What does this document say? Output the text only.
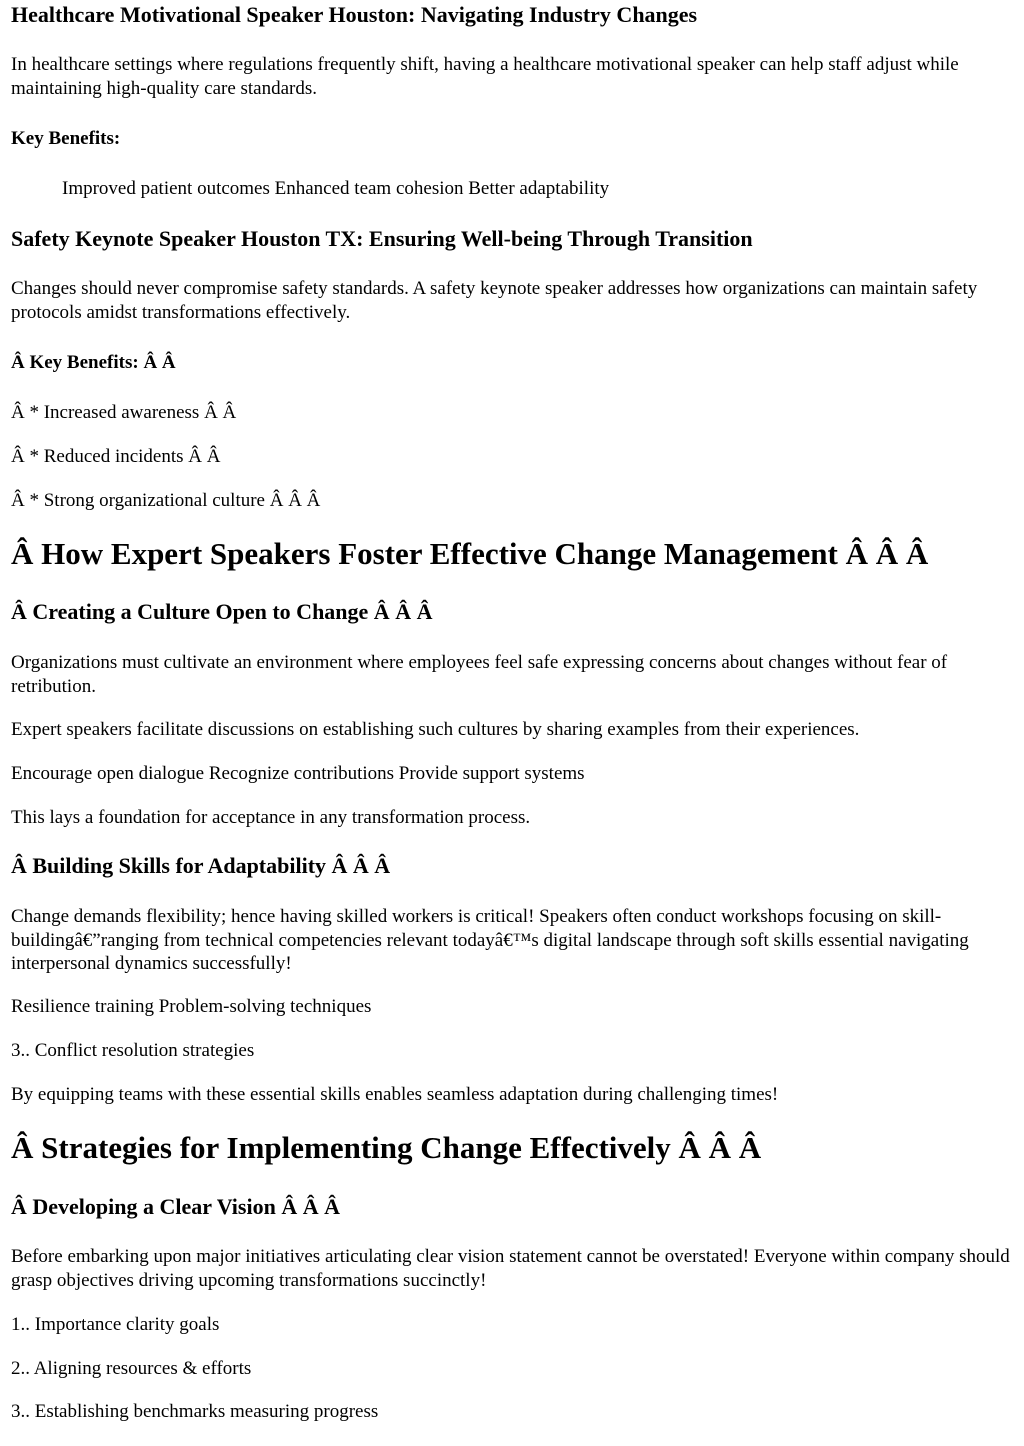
Healthcare Motivational Speaker Houston: Navigating Industry Changes

In healthcare settings where regulations frequently shift, having a healthcare motivational speaker can help staff adjust while maintaining high-quality care standards.

Key Benefits:

Improved patient outcomes Enhanced team cohesion Better adaptability

Safety Keynote Speaker Houston TX: Ensuring Well-being Through Transition

Changes should never compromise safety standards. A safety keynote speaker addresses how organizations can maintain safety protocols amidst transformations effectively.

Â Key Benefits: Â Â

Â * Increased awareness Â Â

Â * Reduced incidents Â Â

Â * Strong organizational culture Â Â Â

Â How Expert Speakers Foster Effective Change Management Â Â Â
Â Creating a Culture Open to Change Â Â Â

Organizations must cultivate an environment where employees feel safe expressing concerns about changes without fear of retribution.

Expert speakers facilitate discussions on establishing such cultures by sharing examples from their experiences.

Encourage open dialogue Recognize contributions Provide support systems

This lays a foundation for acceptance in any transformation process.

Â Building Skills for Adaptability Â Â Â

Change demands flexibility; hence having skilled workers is critical! Speakers often conduct workshops focusing on skill-buildingâ€”ranging from technical competencies relevant todayâ€™s digital landscape through soft skills essential navigating interpersonal dynamics successfully!

Resilience training Problem-solving techniques

3.. Conflict resolution strategies

By equipping teams with these essential skills enables seamless adaptation during challenging times!

Â Strategies for Implementing Change Effectively Â Â Â
Â Developing a Clear Vision Â Â Â

Before embarking upon major initiatives articulating clear vision statement cannot be overstated! Everyone within company should grasp objectives driving upcoming transformations succinctly!

1.. Importance clarity goals

2.. Aligning resources & efforts

3.. Establishing benchmarks measuring progress
